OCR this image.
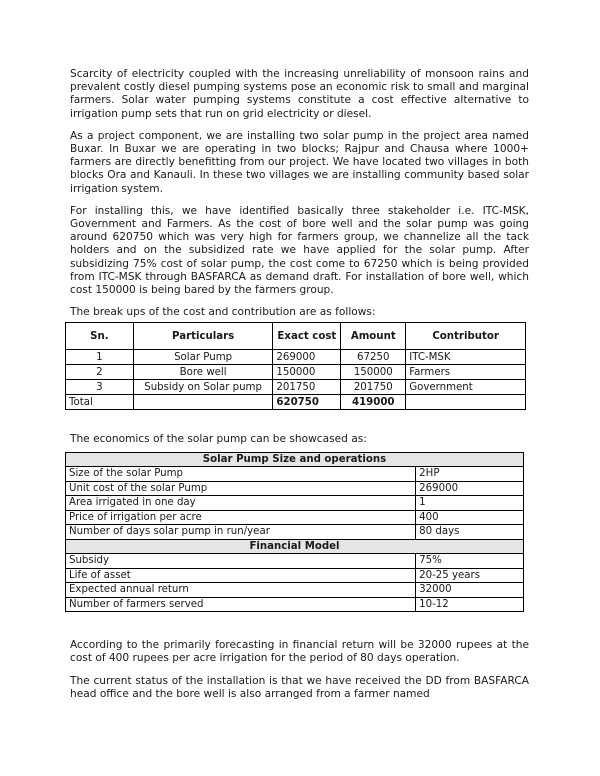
Scarcity of electricity coupled with the increasing unreliability of monsoon rains and prevalent costly diesel pumping systems pose an economic risk to small and marginal farmers. Solar water pumping systems constitute a cost effective alternative to irrigation pump sets that run on grid electricity or diesel.

As a project component, we are installing two solar pump in the project area named Buxar. In Buxar we are operating in two blocks; Rajpur and Chausa where 1000+ farmers are directly benefitting from our project. We have located two villages in both blocks Ora and Kanauli. In these two villages we are installing community based solar irrigation system.

For installing this, we have identified basically three stakeholder i.e. ITC-MSK, Government and Farmers. As the cost of bore well and the solar pump was going around 620750 which was very high for farmers group, we channelize all the tack holders and on the subsidized rate we have applied for the solar pump. After subsidizing 75% cost of solar pump, the cost come to 67250 which is being provided from ITC-MSK through BASFARCA as demand draft. For installation of bore well, which cost 150000 is being bared by the farmers group.

The break ups of the cost and contribution are as follows:

Sn.	Particulars	Exact cost	Amount	Contributor
1	Solar Pump	269000	67250	ITC-MSK
2	Bore well	150000	150000	Farmers
3	Subsidy on Solar pump	201750	201750	Government
Total		620750	419000	

The economics of the solar pump can be showcased as:

Solar Pump Size and operations	
Size of the solar Pump	2HP
Unit cost of the solar Pump	269000
Area irrigated in one day	1
Price of irrigation per acre	400
Number of days solar pump in run/year	80 days
Financial Model	
Subsidy	75%
Life of asset	20-25 years
Expected annual return	32000
Number of farmers served	10-12

According to the primarily forecasting in financial return will be 32000 rupees at the cost of 400 rupees per acre irrigation for the period of 80 days operation.

The current status of the installation is that we have received the DD from BASFARCA head office and the bore well is also arranged from a farmer named
